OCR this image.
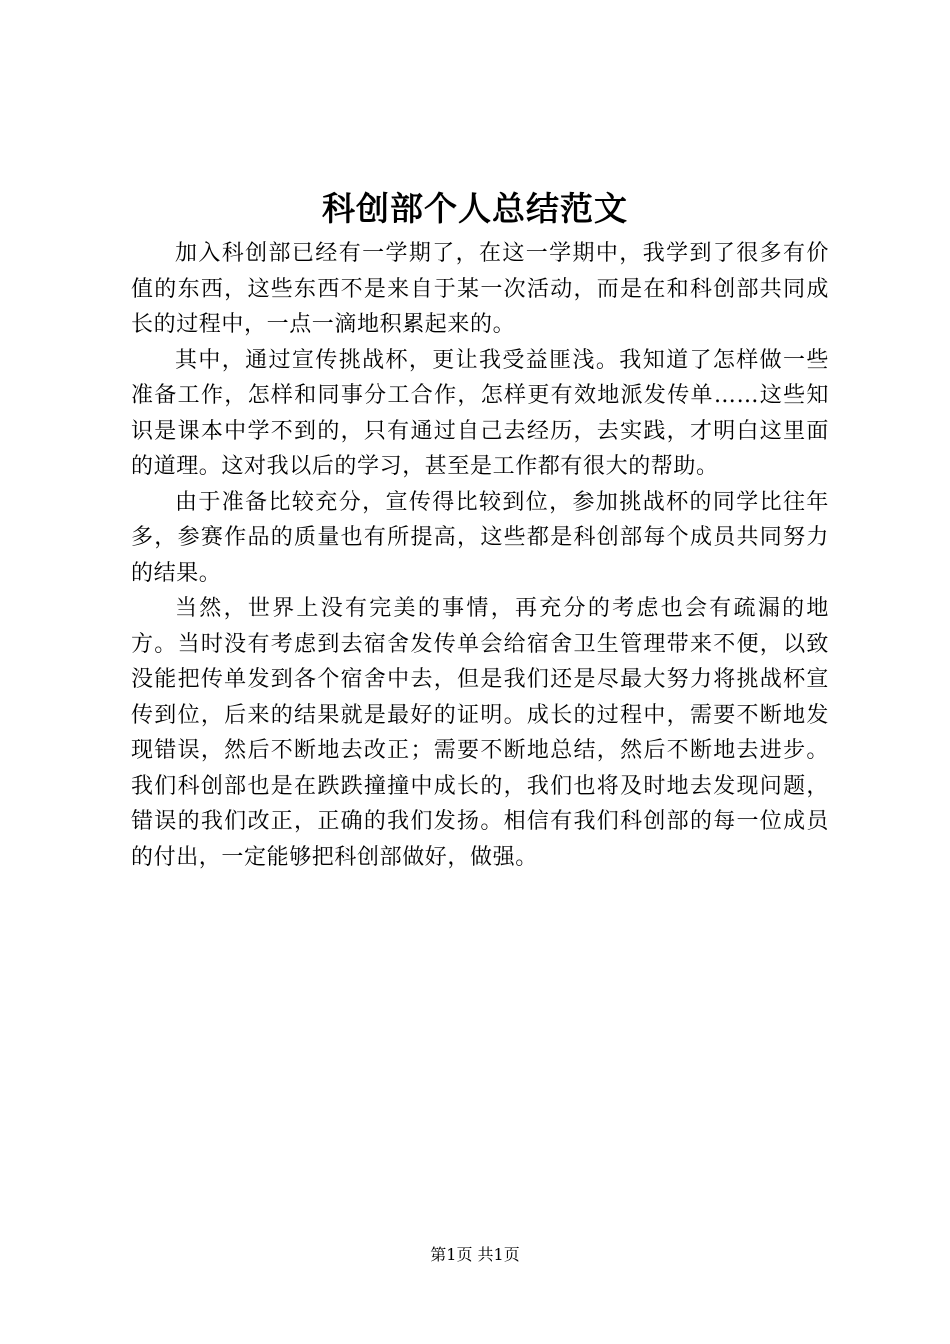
科创部个人总结范文

加入科创部已经有一学期了，在这一学期中，我学到了很多有价值的东西，这些东西不是来自于某一次活动，而是在和科创部共同成长的过程中，一点一滴地积累起来的。

其中，通过宣传挑战杯，更让我受益匪浅。我知道了怎样做一些准备工作，怎样和同事分工合作，怎样更有效地派发传单……这些知识是课本中学不到的，只有通过自己去经历，去实践，才明白这里面的道理。这对我以后的学习，甚至是工作都有很大的帮助。

由于准备比较充分，宣传得比较到位，参加挑战杯的同学比往年多，参赛作品的质量也有所提高，这些都是科创部每个成员共同努力的结果。

当然，世界上没有完美的事情，再充分的考虑也会有疏漏的地方。当时没有考虑到去宿舍发传单会给宿舍卫生管理带来不便，以致没能把传单发到各个宿舍中去，但是我们还是尽最大努力将挑战杯宣传到位，后来的结果就是最好的证明。成长的过程中，需要不断地发现错误，然后不断地去改正；需要不断地总结，然后不断地去进步。我们科创部也是在跌跌撞撞中成长的，我们也将及时地去发现问题，错误的我们改正，正确的我们发扬。相信有我们科创部的每一位成员的付出，一定能够把科创部做好，做强。

第1页 共1页
